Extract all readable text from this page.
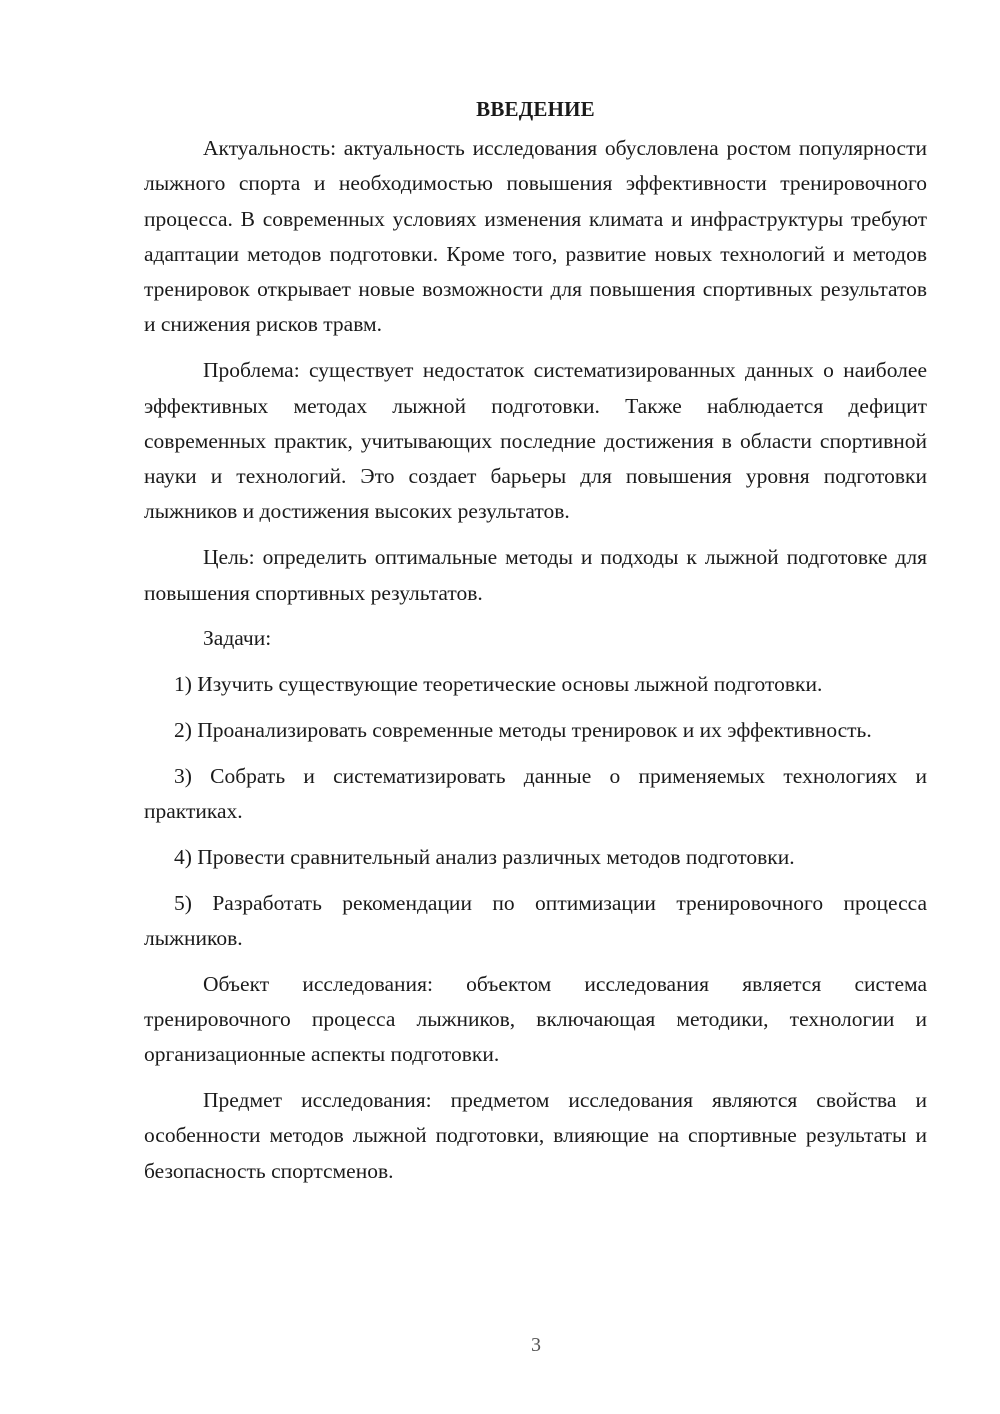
ВВЕДЕНИЕ

Актуальность: актуальность исследования обусловлена ростом популярности лыжного спорта и необходимостью повышения эффективности тренировочного процесса. В современных условиях изменения климата и инфраструктуры требуют адаптации методов подготовки. Кроме того, развитие новых технологий и методов тренировок открывает новые возможности для повышения спортивных результатов и снижения рисков травм.

Проблема: существует недостаток систематизированных данных о наиболее эффективных методах лыжной подготовки. Также наблюдается дефицит современных практик, учитывающих последние достижения в области спортивной науки и технологий. Это создает барьеры для повышения уровня подготовки лыжников и достижения высоких результатов.

Цель: определить оптимальные методы и подходы к лыжной подготовке для повышения спортивных результатов.

Задачи:

1) Изучить существующие теоретические основы лыжной подготовки.

2) Проанализировать современные методы тренировок и их эффективность.

3) Собрать и систематизировать данные о применяемых технологиях и практиках.

4) Провести сравнительный анализ различных методов подготовки.

5) Разработать рекомендации по оптимизации тренировочного процесса лыжников.

Объект исследования: объектом исследования является система тренировочного процесса лыжников, включающая методики, технологии и организационные аспекты подготовки.

Предмет исследования: предметом исследования являются свойства и особенности методов лыжной подготовки, влияющие на спортивные результаты и безопасность спортсменов.

3
